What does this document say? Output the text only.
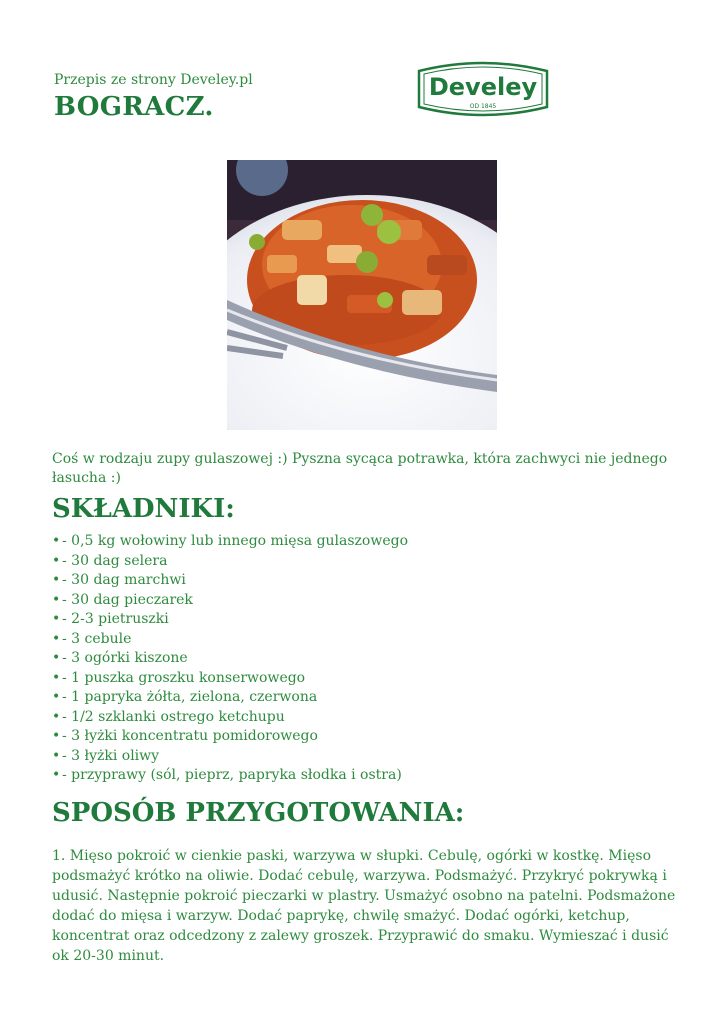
Przepis ze strony Develey.pl
BOGRACZ.
Develey
OD 1845
Coś w rodzaju zupy gulaszowej :) Pyszna sycąca potrawka, która zachwyci nie jednego łasucha :)
SKŁADNIKI:
• - 0,5 kg wołowiny lub innego mięsa gulaszowego
• - 30 dag selera
• - 30 dag marchwi
• - 30 dag pieczarek
• - 2-3 pietruszki
• - 3 cebule
• - 3 ogórki kiszone
• - 1 puszka groszku konserwowego
• - 1 papryka żółta, zielona, czerwona
• - 1/2 szklanki ostrego ketchupu
• - 3 łyżki koncentratu pomidorowego
• - 3 łyżki oliwy
• - przyprawy (sól, pieprz, papryka słodka i ostra)
SPOSÓB PRZYGOTOWANIA:
1. Mięso pokroić w cienkie paski, warzywa w słupki. Cebulę, ogórki w kostkę. Mięso podsmażyć krótko na oliwie. Dodać cebulę, warzywa. Podsmażyć. Przykryć pokrywką i udusić. Następnie pokroić pieczarki w plastry. Usmażyć osobno na patelni. Podsmażone dodać do mięsa i warzyw. Dodać paprykę, chwilę smażyć. Dodać ogórki, ketchup, koncentrat oraz odcedzony z zalewy groszek. Przyprawić do smaku. Wymieszać i dusić ok 20-30 minut.
